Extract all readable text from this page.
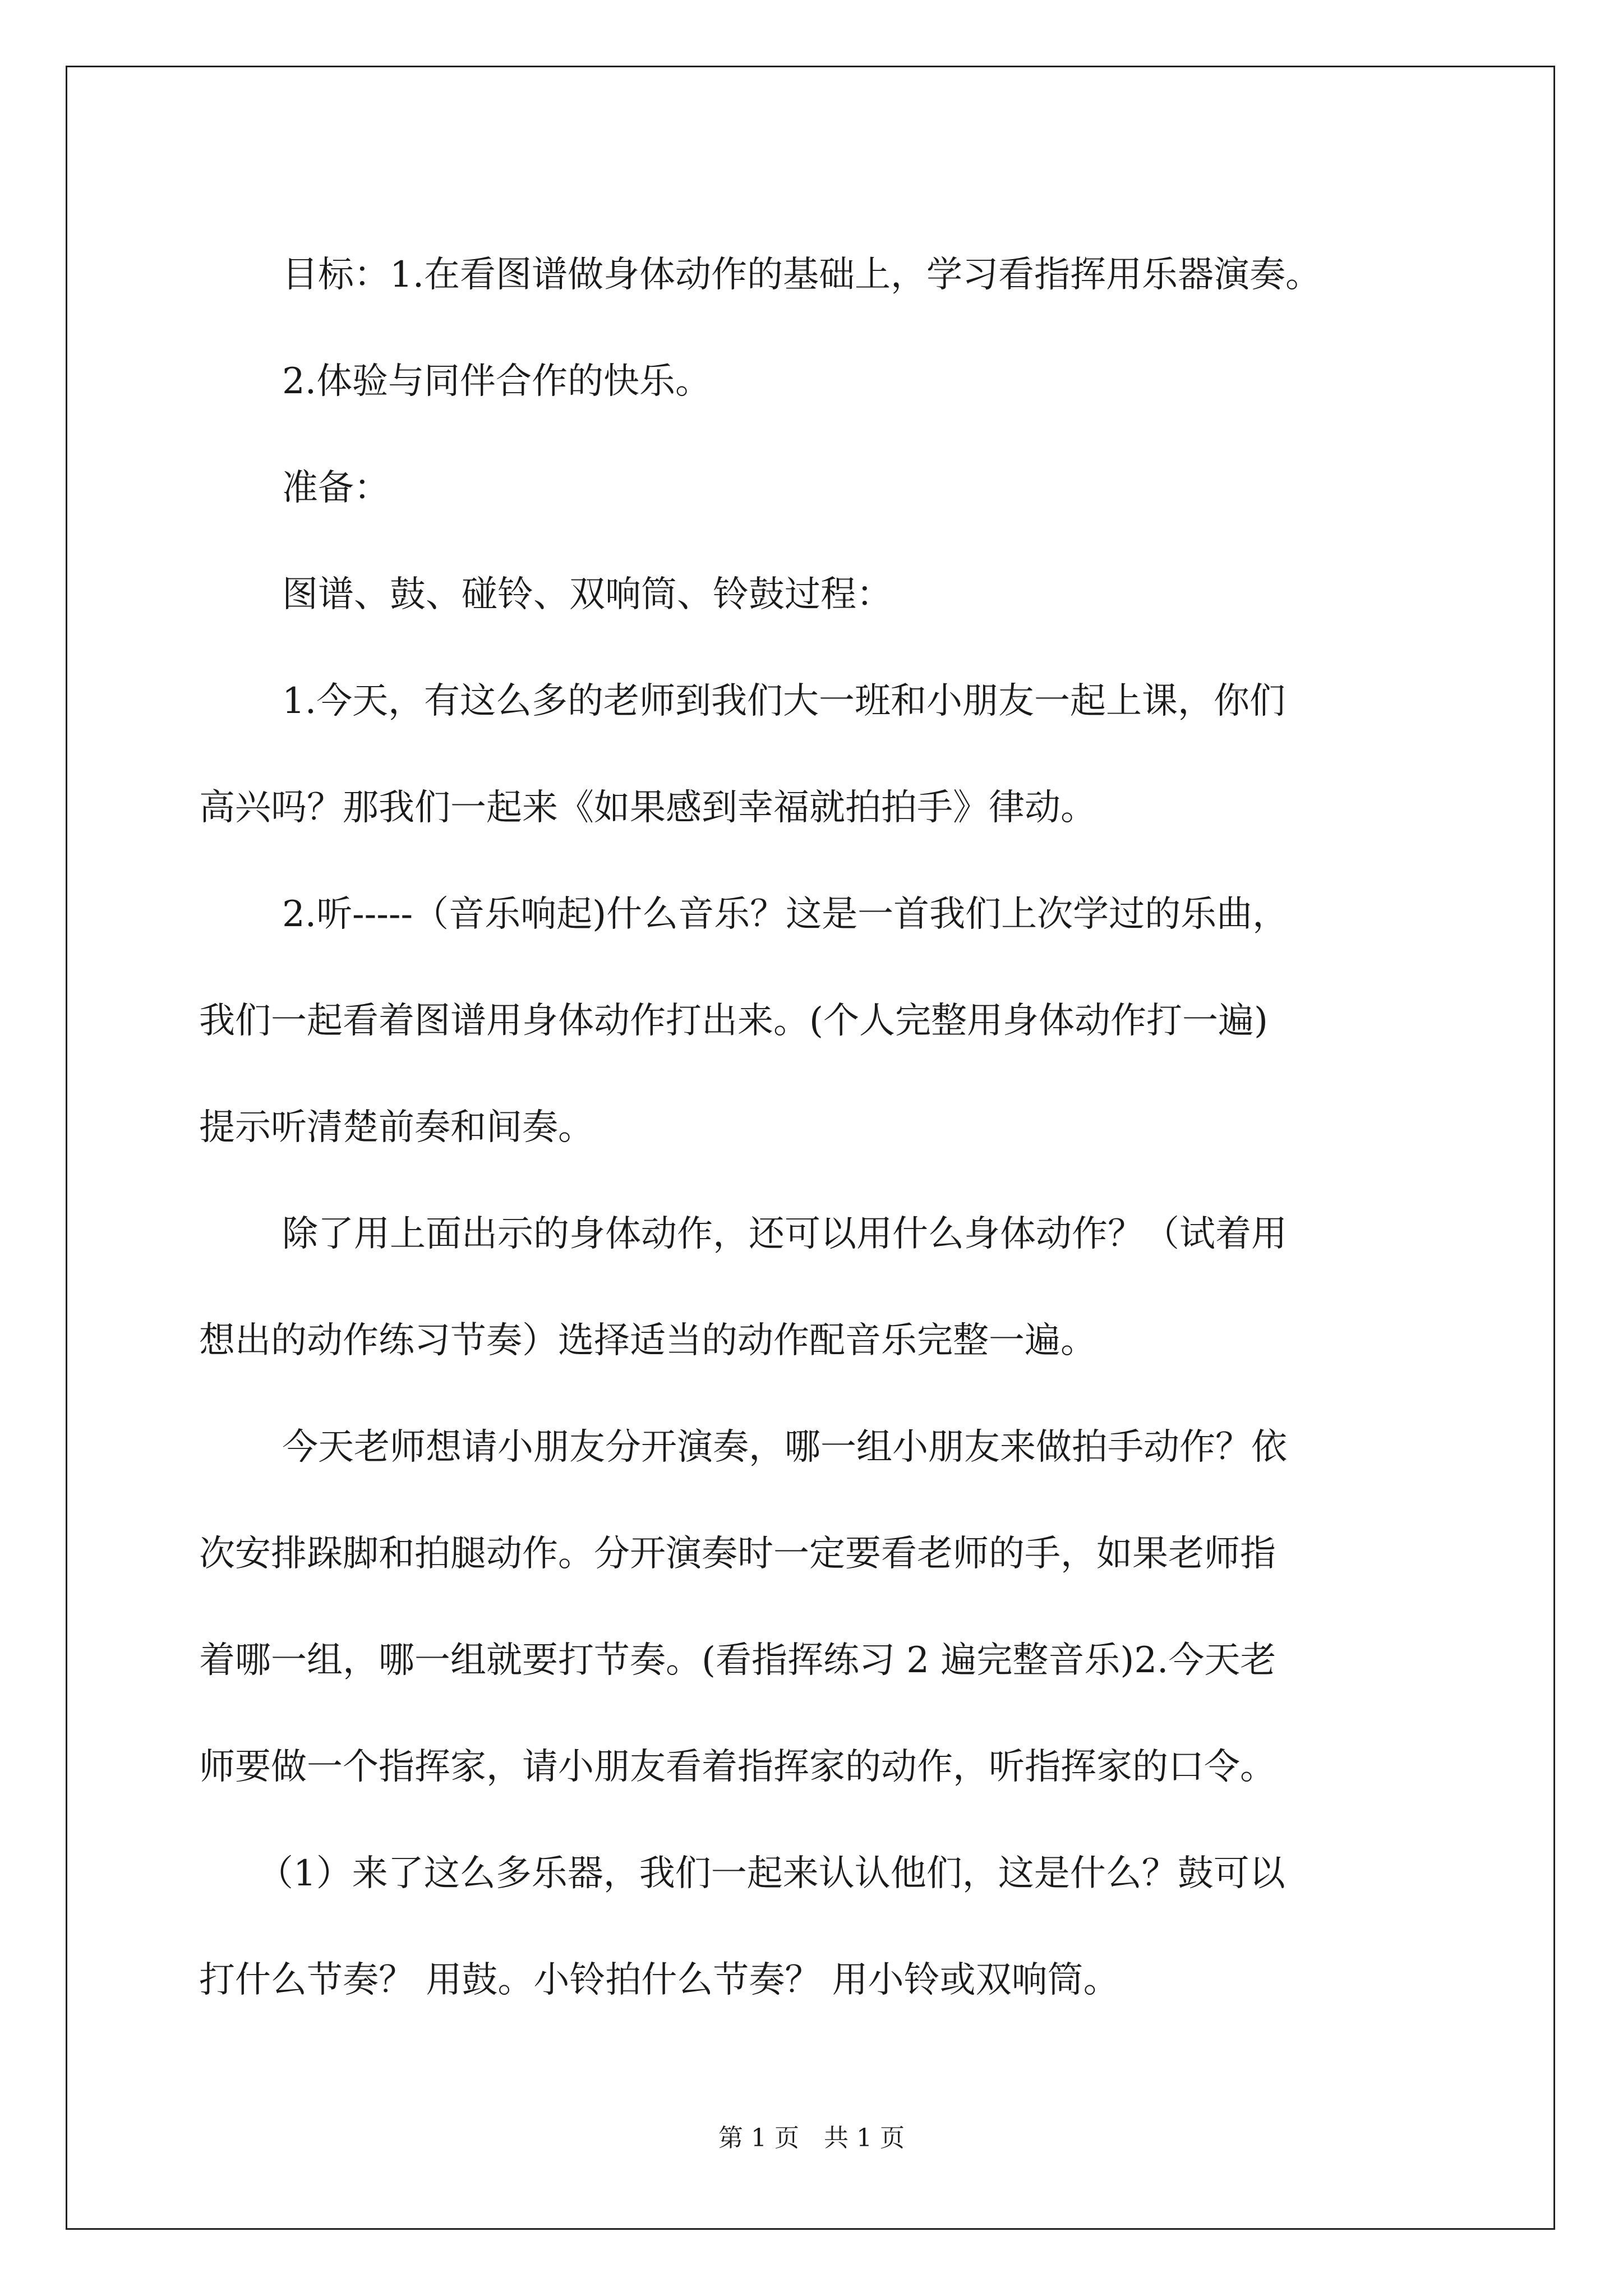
目标：1.在看图谱做身体动作的基础上，学习看指挥用乐器演奏。

2.体验与同伴合作的快乐。

准备：

图谱、鼓、碰铃、双响筒、铃鼓过程：

1.今天，有这么多的老师到我们大一班和小朋友一起上课，你们

高兴吗？那我们一起来《如果感到幸福就拍拍手》律动。

2.听-----（音乐响起)什么音乐？这是一首我们上次学过的乐曲，

我们一起看着图谱用身体动作打出来。(个人完整用身体动作打一遍)

提示听清楚前奏和间奏。

除了用上面出示的身体动作，还可以用什么身体动作？（试着用

想出的动作练习节奏）选择适当的动作配音乐完整一遍。

今天老师想请小朋友分开演奏，哪一组小朋友来做拍手动作？依

次安排跺脚和拍腿动作。分开演奏时一定要看老师的手，如果老师指

着哪一组，哪一组就要打节奏。(看指挥练习 2 遍完整音乐)2.今天老

师要做一个指挥家，请小朋友看着指挥家的动作，听指挥家的口令。

（1）来了这么多乐器，我们一起来认认他们，这是什么？鼓可以

打什么节奏？ 用鼓。小铃拍什么节奏？ 用小铃或双响筒。

第 1 页　共 1 页
